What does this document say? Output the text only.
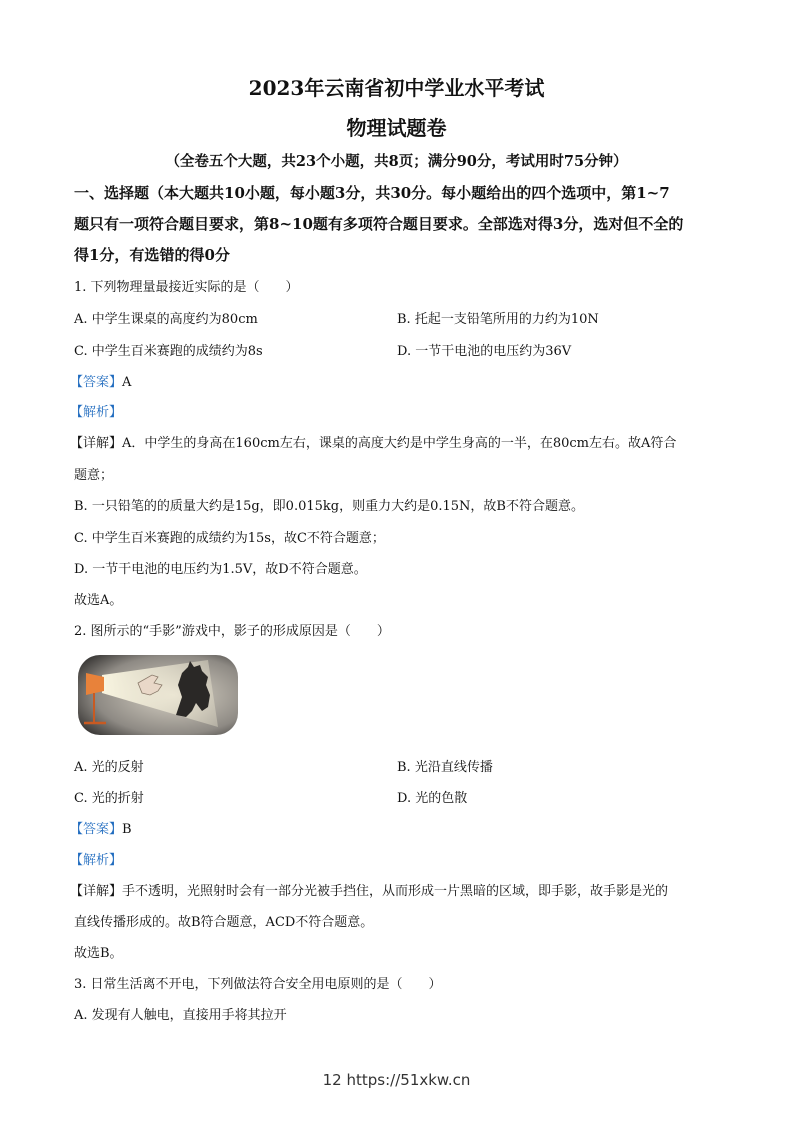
2023年云南省初中学业水平考试
物理试题卷
（全卷五个大题，共23个小题，共8页；满分90分，考试用时75分钟）
一、选择题（本大题共10小题，每小题3分，共30分。每小题给出的四个选项中，第1~7
题只有一项符合题目要求，第8~10题有多项符合题目要求。全部选对得3分，选对但不全的
得1分，有选错的得0分
1. 下列物理量最接近实际的是（　　）
A. 中学生课桌的高度约为80cm	B. 托起一支铅笔所用的力约为10N
C. 中学生百米赛跑的成绩约为8s	D. 一节干电池的电压约为36V
【答案】A
【解析】
【详解】A．中学生的身高在160cm左右，课桌的高度大约是中学生身高的一半，在80cm左右。故A符合
题意；
B. 一只铅笔的的质量大约是15g，即0.015kg，则重力大约是0.15N，故B不符合题意。
C. 中学生百米赛跑的成绩约为15s，故C不符合题意；
D. 一节干电池的电压约为1.5V，故D不符合题意。
故选A。
2. 图所示的“手影”游戏中，影子的形成原因是（　　）
A. 光的反射	B. 光沿直线传播
C. 光的折射	D. 光的色散
【答案】B
【解析】
【详解】手不透明，光照射时会有一部分光被手挡住，从而形成一片黑暗的区域，即手影，故手影是光的
直线传播形成的。故B符合题意，ACD不符合题意。
故选B。
3. 日常生活离不开电，下列做法符合安全用电原则的是（　　）
A. 发现有人触电，直接用手将其拉开
12 https://51xkw.cn
